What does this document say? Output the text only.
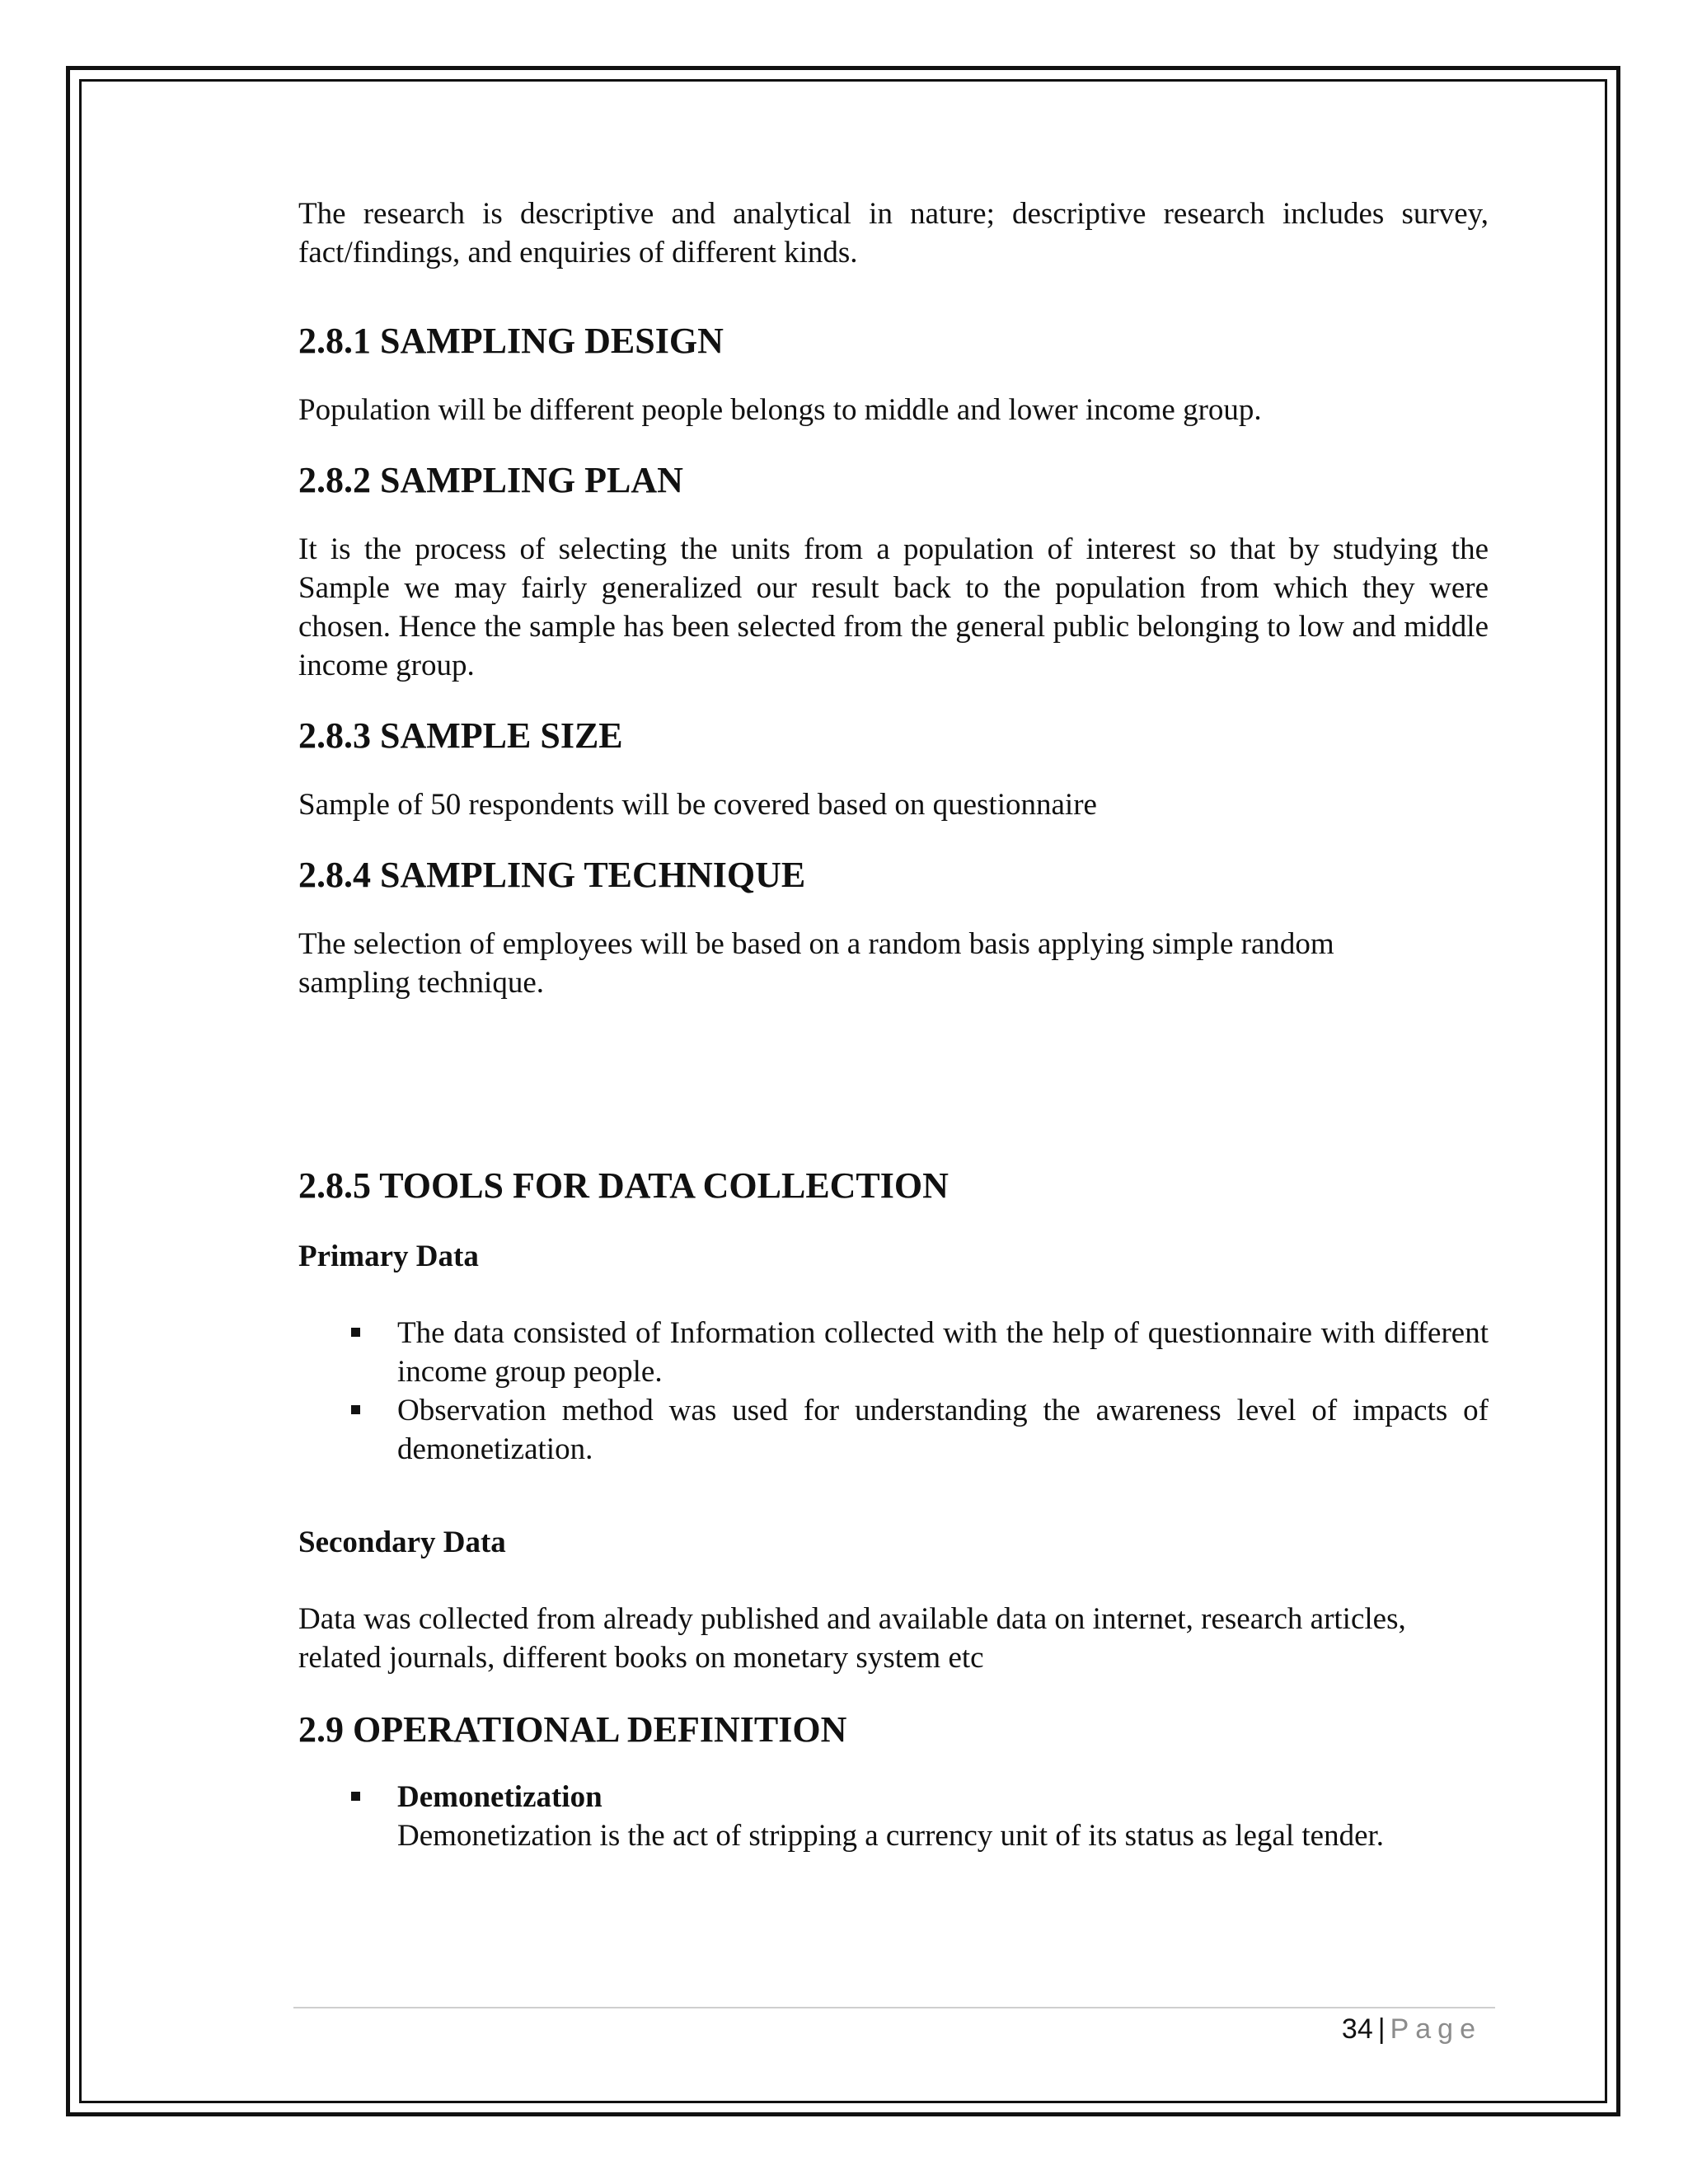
The research is descriptive and analytical in nature; descriptive research includes survey, fact/findings, and enquiries of different kinds.

2.8.1 SAMPLING DESIGN

Population will be different people belongs to middle and lower income group.

2.8.2 SAMPLING PLAN

It is the process of selecting the units from a population of interest so that by studying the Sample we may fairly generalized our result back to the population from which they were chosen. Hence the sample has been selected from the general public belonging to low and middle income group.

2.8.3 SAMPLE SIZE

Sample of 50 respondents will be covered based on questionnaire

2.8.4 SAMPLING TECHNIQUE

The selection of employees will be based on a random basis applying simple random sampling technique.

2.8.5 TOOLS FOR DATA COLLECTION

Primary Data

The data consisted of Information collected with the help of questionnaire with different income group people.
Observation method was used for understanding the awareness level of impacts of demonetization.

Secondary Data

Data was collected from already published and available data on internet, research articles, related journals, different books on monetary system etc

2.9 OPERATIONAL DEFINITION
Demonetization
Demonetization is the act of stripping a currency unit of its status as legal tender.
34 | Page
